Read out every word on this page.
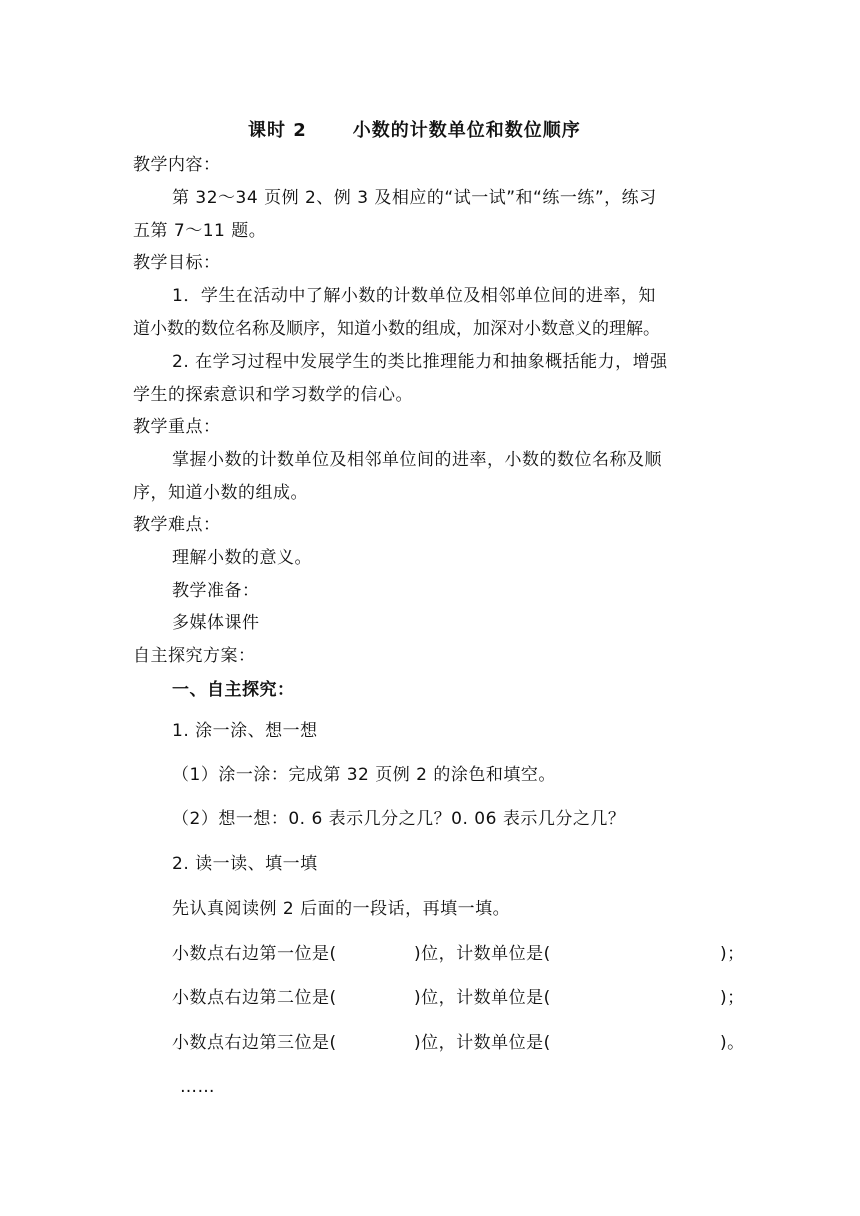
课时 2	小数的计数单位和数位顺序
教学内容：
第 32～34 页例 2、例 3 及相应的“试一试”和“练一练”，练习
五第 7～11 题。
教学目标：
1．学生在活动中了解小数的计数单位及相邻单位间的进率，知
道小数的数位名称及顺序，知道小数的组成，加深对小数意义的理解。
2. 在学习过程中发展学生的类比推理能力和抽象概括能力，增强
学生的探索意识和学习数学的信心。
教学重点：
掌握小数的计数单位及相邻单位间的进率，小数的数位名称及顺
序，知道小数的组成。
教学难点：
理解小数的意义。
教学准备：
多媒体课件
自主探究方案：
一、自主探究：
1. 涂一涂、想一想
（1）涂一涂：完成第 32 页例 2 的涂色和填空。
（2）想一想：0. 6 表示几分之几？0. 06 表示几分之几？
2. 读一读、填一填
先认真阅读例 2 后面的一段话，再填一填。
小数点右边第一位是(	)位，计数单位是(	)；
小数点右边第二位是(	)位，计数单位是(	)；
小数点右边第三位是(	)位，计数单位是(	)。
……
